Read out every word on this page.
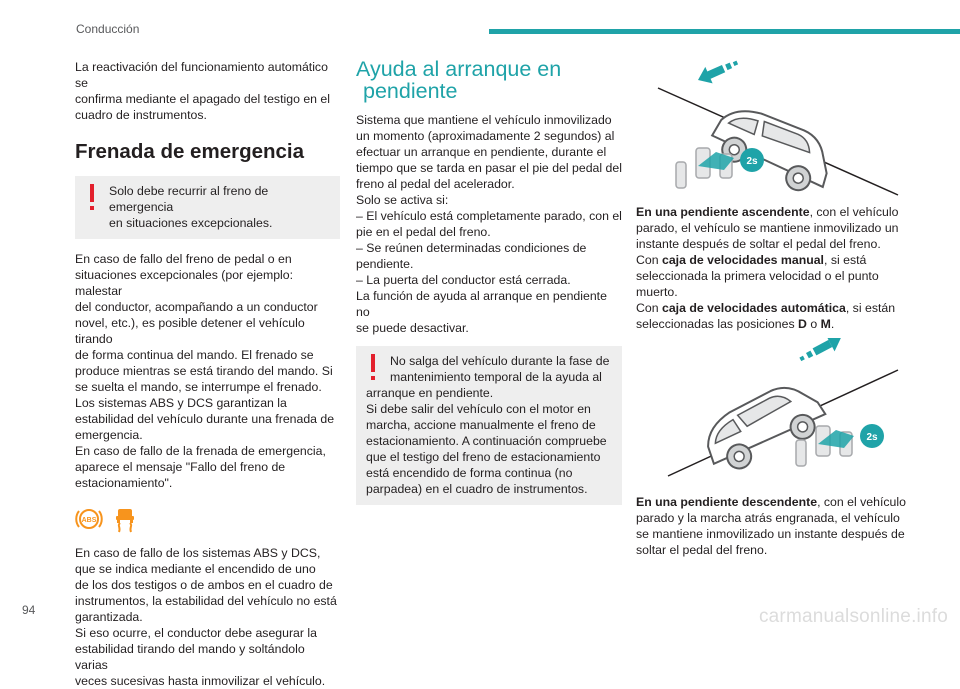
Conducción

La reactivación del funcionamiento automático se
confirma mediante el apagado del testigo en el
cuadro de instrumentos.

Frenada de emergencia
Solo debe recurrir al freno de emergencia
en situaciones excepcionales.

En caso de fallo del freno de pedal o en
situaciones excepcionales (por ejemplo: malestar
del conductor, acompañando a un conductor
novel, etc.), es posible detener el vehículo tirando
de forma continua del mando. El frenado se
produce mientras se está tirando del mando. Si
se suelta el mando, se interrumpe el frenado.
Los sistemas ABS y DCS garantizan la
estabilidad del vehículo durante una frenada de
emergencia.
En caso de fallo de la frenada de emergencia,
aparece el mensaje "Fallo del freno de
estacionamiento".

ABS

En caso de fallo de los sistemas ABS y DCS,
que se indica mediante el encendido de uno
de los dos testigos o de ambos en el cuadro de
instrumentos, la estabilidad del vehículo no está
garantizada.
Si eso ocurre, el conductor debe asegurar la
estabilidad tirando del mando y soltándolo varias
veces sucesivas hasta inmovilizar el vehículo.

Ayuda al arranque en
pendiente

Sistema que mantiene el vehículo inmovilizado
un momento (aproximadamente 2 segundos) al
efectuar un arranque en pendiente, durante el
tiempo que se tarda en pasar el pie del pedal del
freno al pedal del acelerador.
Solo se activa si:
– El vehículo está completamente parado, con el
pie en el pedal del freno.
– Se reúnen determinadas condiciones de
pendiente.
– La puerta del conductor está cerrada.
La función de ayuda al arranque en pendiente no
se puede desactivar.

No salga del vehículo durante la fase de
mantenimiento temporal de la ayuda al
arranque en pendiente.
Si debe salir del vehículo con el motor en
marcha, accione manualmente el freno de
estacionamiento. A continuación compruebe
que el testigo del freno de estacionamiento
está encendido de forma continua (no
parpadea) en el cuadro de instrumentos.
2s

En una pendiente ascendente, con el vehículo
parado, el vehículo se mantiene inmovilizado un
instante después de soltar el pedal del freno.
Con caja de velocidades manual, si está
seleccionada la primera velocidad o el punto
muerto.
Con caja de velocidades automática, si están
seleccionadas las posiciones D o M.

2s

En una pendiente descendente, con el vehículo
parado y la marcha atrás engranada, el vehículo
se mantiene inmovilizado un instante después de
soltar el pedal del freno.

94	carmanualsonline.info
